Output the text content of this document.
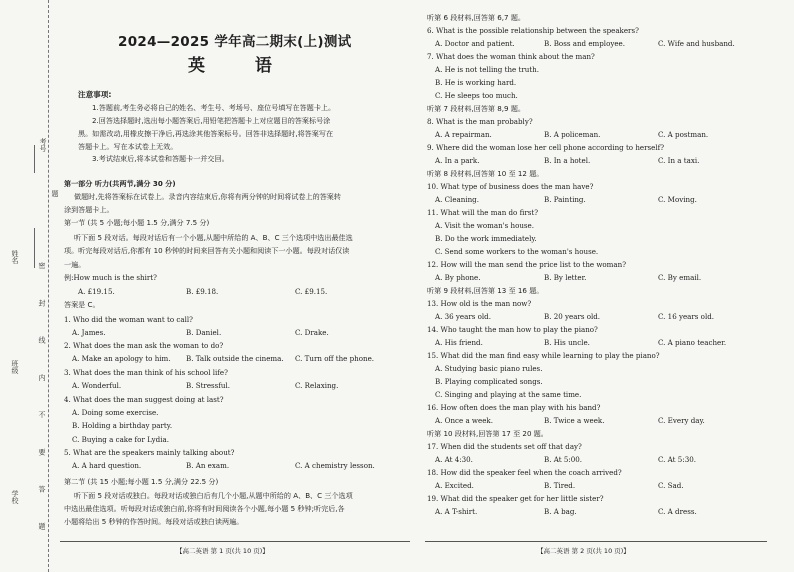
考号
姓名
班级
学校	密 封 线 内 不 要 答 题
题
2024—2025 学年高二期末(上)测试
英 语
注意事项:
1.答题前,考生务必将自己的姓名、考生号、考场号、座位号填写在答题卡上。
2.回答选择题时,选出每小题答案后,用铅笔把答题卡上对应题目的答案标号涂
黑。如需改动,用橡皮擦干净后,再选涂其他答案标号。回答非选择题时,将答案写在
答题卡上。写在本试卷上无效。
3.考试结束后,将本试卷和答题卡一并交回。
第一部分 听力(共两节,满分 30 分)
做题时,先将答案标在试卷上。录音内容结束后,你将有两分钟的时间将试卷上的答案转
涂到答题卡上。
第一节 (共 5 小题;每小题 1.5 分,满分 7.5 分)
听下面 5 段对话。每段对话后有一个小题,从题中所给的 A、B、C 三个选项中选出最佳选
项。听完每段对话后,你都有 10 秒钟的时间来回答有关小题和阅读下一小题。每段对话仅读
一遍。
例:How much is the shirt?
A. £19.15.	B. £9.18.	C. £9.15.
答案是 C。
1. Who did the woman want to call?
A. James.	B. Daniel.	C. Drake.
2. What does the man ask the woman to do?
A. Make an apology to him. B. Talk outside the cinema. C. Turn off the phone.
3. What does the man think of his school life?
A. Wonderful.	B. Stressful.	C. Relaxing.
4. What does the man suggest doing at last?
A. Doing some exercise.
B. Holding a birthday party.
C. Buying a cake for Lydia.
5. What are the speakers mainly talking about?
A. A hard question.	B. An exam.	C. A chemistry lesson.
第二节 (共 15 小题;每小题 1.5 分,满分 22.5 分)
听下面 5 段对话或独白。每段对话或独白后有几个小题,从题中所给的 A、B、C 三个选项
中选出最佳选项。听每段对话或独白前,你将有时间阅读各个小题,每小题 5 秒钟;听完后,各
小题将给出 5 秒钟的作答时间。每段对话或独白读两遍。
【高二英语 第 1 页(共 10 页)】
听第 6 段材料,回答第 6,7 题。
6. What is the possible relationship between the speakers?
A. Doctor and patient.	B. Boss and employee.	C. Wife and husband.
7. What does the woman think about the man?
A. He is not telling the truth.
B. He is working hard.
C. He sleeps too much.
听第 7 段材料,回答第 8,9 题。
8. What is the man probably?
A. A repairman.	B. A policeman.	C. A postman.
9. Where did the woman lose her cell phone according to herself?
A. In a park.	B. In a hotel.	C. In a taxi.
听第 8 段材料,回答第 10 至 12 题。
10. What type of business does the man have?
A. Cleaning.	B. Painting.	C. Moving.
11. What will the man do first?
A. Visit the woman's house.
B. Do the work immediately.
C. Send some workers to the woman's house.
12. How will the man send the price list to the woman?
A. By phone.	B. By letter.	C. By email.
听第 9 段材料,回答第 13 至 16 题。
13. How old is the man now?
A. 36 years old.	B. 20 years old.	C. 16 years old.
14. Who taught the man how to play the piano?
A. His friend.	B. His uncle.	C. A piano teacher.
15. What did the man find easy while learning to play the piano?
A. Studying basic piano rules.
B. Playing complicated songs.
C. Singing and playing at the same time.
16. How often does the man play with his band?
A. Once a week.	B. Twice a week.	C. Every day.
听第 10 段材料,回答第 17 至 20 题。
17. When did the students set off that day?
A. At 4:30.	B. At 5:00.	C. At 5:30.
18. How did the speaker feel when the coach arrived?
A. Excited.	B. Tired.	C. Sad.
19. What did the speaker get for her little sister?
A. A T-shirt.	B. A bag.	C. A dress.
【高二英语 第 2 页(共 10 页)】
